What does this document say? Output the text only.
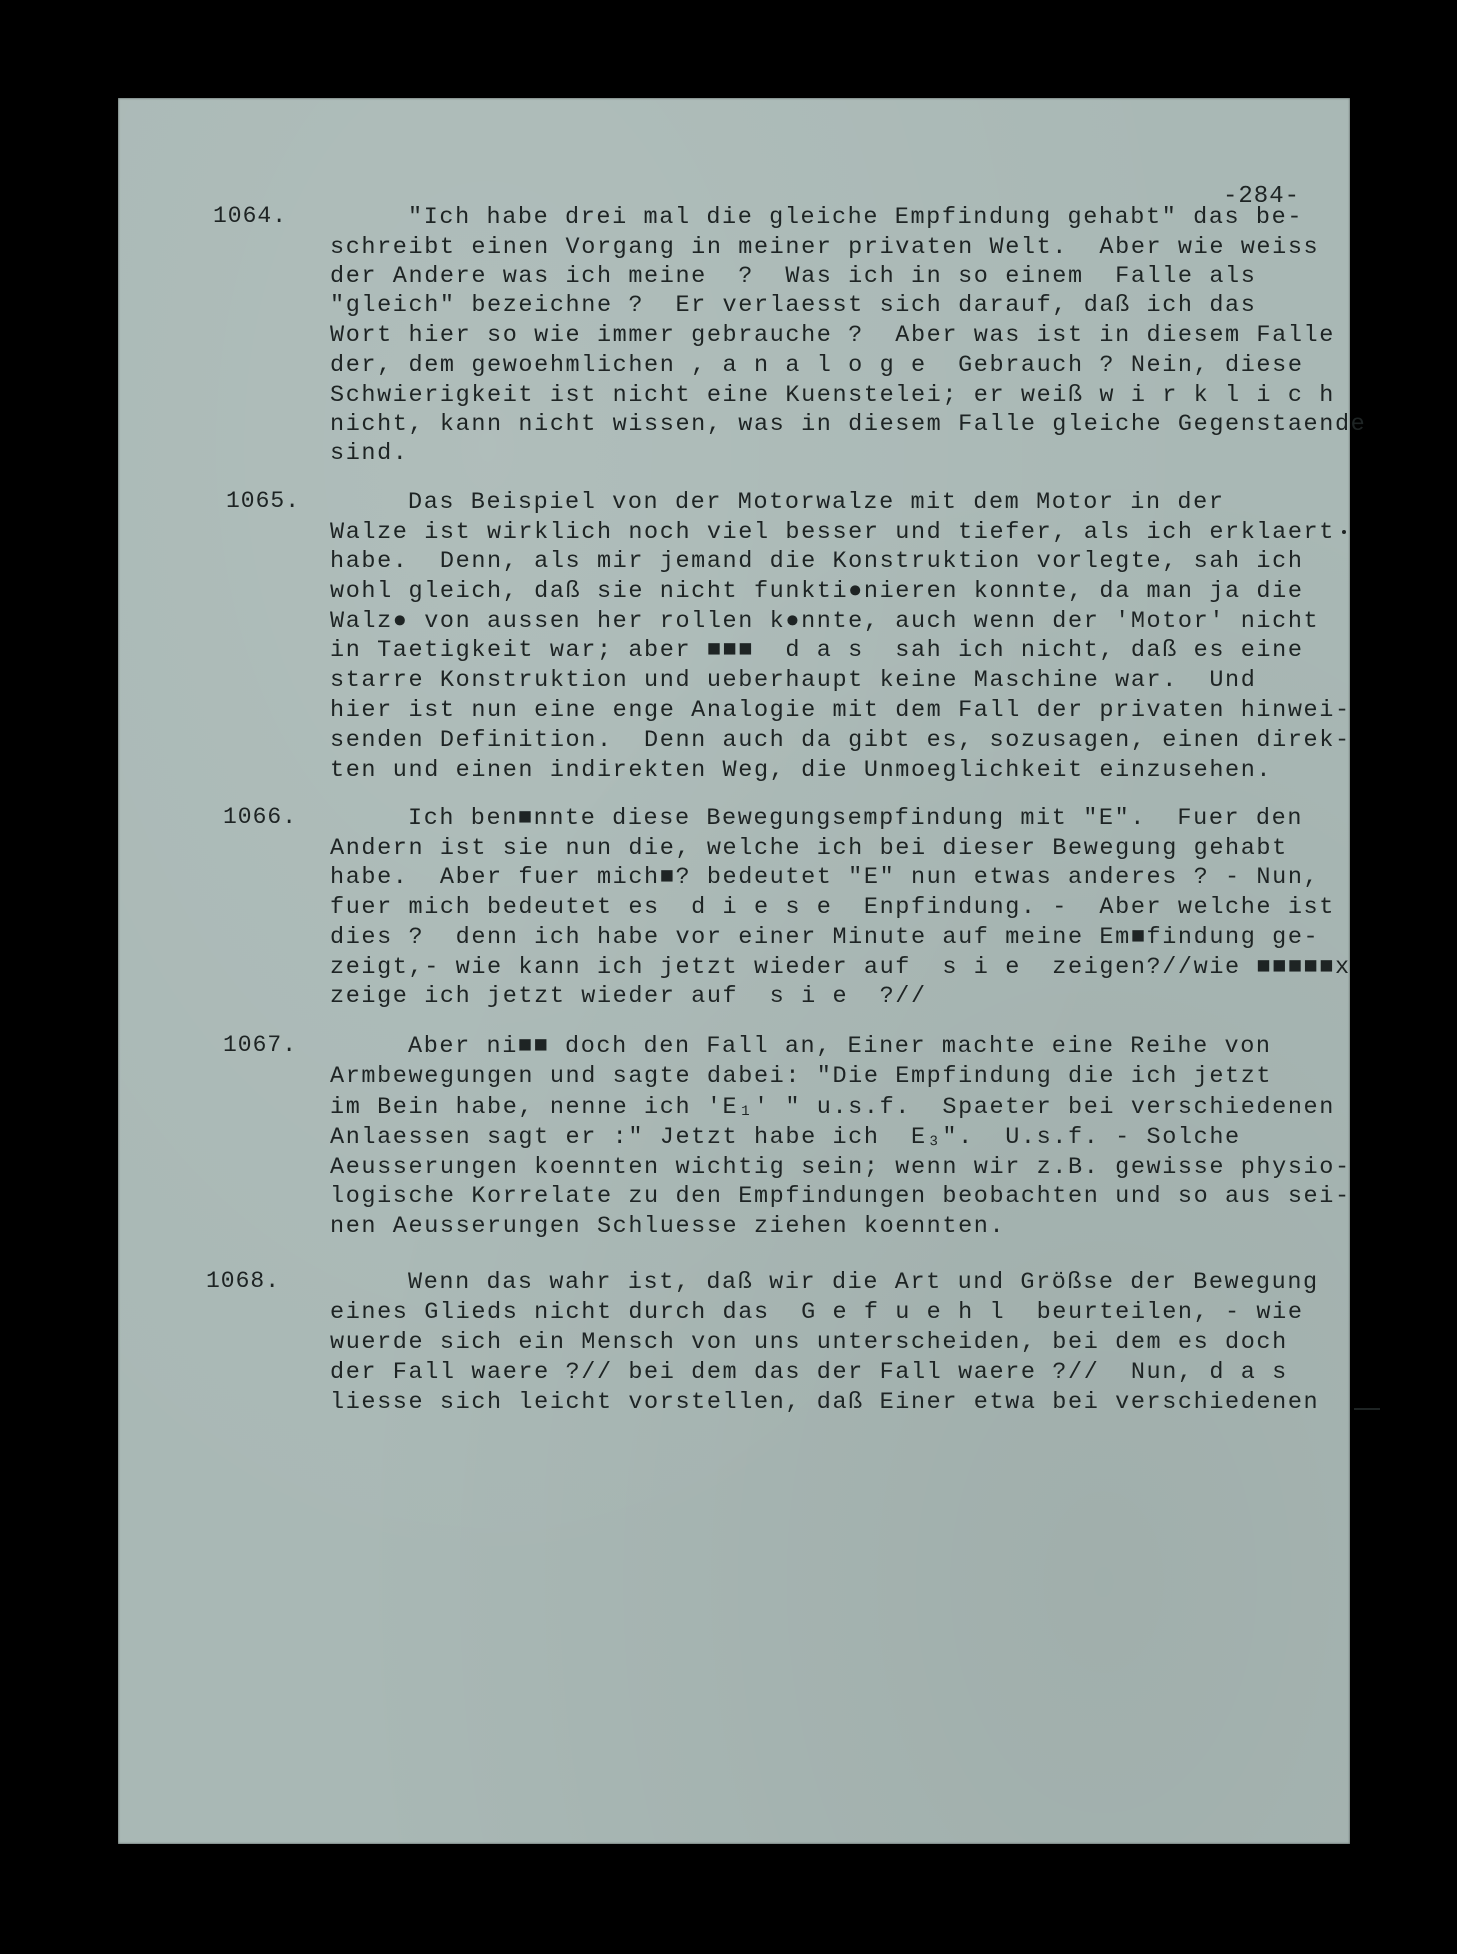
-284-
1064.	"Ich habe drei mal die gleiche Empfindung gehabt" das be-
schreibt einen Vorgang in meiner privaten Welt.  Aber wie weiss
der Andere was ich meine  ?  Was ich in so einem  Falle als
"gleich" bezeichne ?  Er verlaesst sich darauf, daß ich das
Wort hier so wie immer gebrauche ?  Aber was ist in diesem Falle
der, dem gewoehmlichen , a n a l o g e  Gebrauch ? Nein, diese
Schwierigkeit ist nicht eine Kuenstelei; er weiß w i r k l i c h
nicht, kann nicht wissen, was in diesem Falle gleiche Gegenstaende
sind.
1065.	Das Beispiel von der Motorwalze mit dem Motor in der
Walze ist wirklich noch viel besser und tiefer, als ich erklaert
habe.  Denn, als mir jemand die Konstruktion vorlegte, sah ich
wohl gleich, daß sie nicht funkti●nieren konnte, da man ja die
Walz● von aussen her rollen k●nnte, auch wenn der 'Motor' nicht
in Taetigkeit war; aber ■■■  d a s  sah ich nicht, daß es eine
starre Konstruktion und ueberhaupt keine Maschine war.  Und
hier ist nun eine enge Analogie mit dem Fall der privaten hinwei-
senden Definition.  Denn auch da gibt es, sozusagen, einen direk-
ten und einen indirekten Weg, die Unmoeglichkeit einzusehen.
1066.	Ich ben■nnte diese Bewegungsempfindung mit "E".  Fuer den
Andern ist sie nun die, welche ich bei dieser Bewegung gehabt
habe.  Aber fuer mich■? bedeutet "E" nun etwas anderes ? - Nun,
fuer mich bedeutet es  d i e s e  Enpfindung. -  Aber welche ist
dies ?  denn ich habe vor einer Minute auf meine Em■findung ge-
zeigt,- wie kann ich jetzt wieder auf  s i e  zeigen?//wie ■■■■■x
zeige ich jetzt wieder auf  s i e  ?//
1067.	Aber ni■■ doch den Fall an, Einer machte eine Reihe von
Armbewegungen und sagte dabei: "Die Empfindung die ich jetzt
im Bein habe, nenne ich 'E₁' " u.s.f.  Spaeter bei verschiedenen
Anlaessen sagt er :" Jetzt habe ich  E₃".  U.s.f. - Solche
Aeusserungen koennten wichtig sein; wenn wir z.B. gewisse physio-
logische Korrelate zu den Empfindungen beobachten und so aus sei-
nen Aeusserungen Schluesse ziehen koennten.
1068.	Wenn das wahr ist, daß wir die Art und Größse der Bewegung
eines Glieds nicht durch das  G e f u e h l  beurteilen, - wie
wuerde sich ein Mensch von uns unterscheiden, bei dem es doch
der Fall waere ?// bei dem das der Fall waere ?//  Nun, d a s
liesse sich leicht vorstellen, daß Einer etwa bei verschiedenen
